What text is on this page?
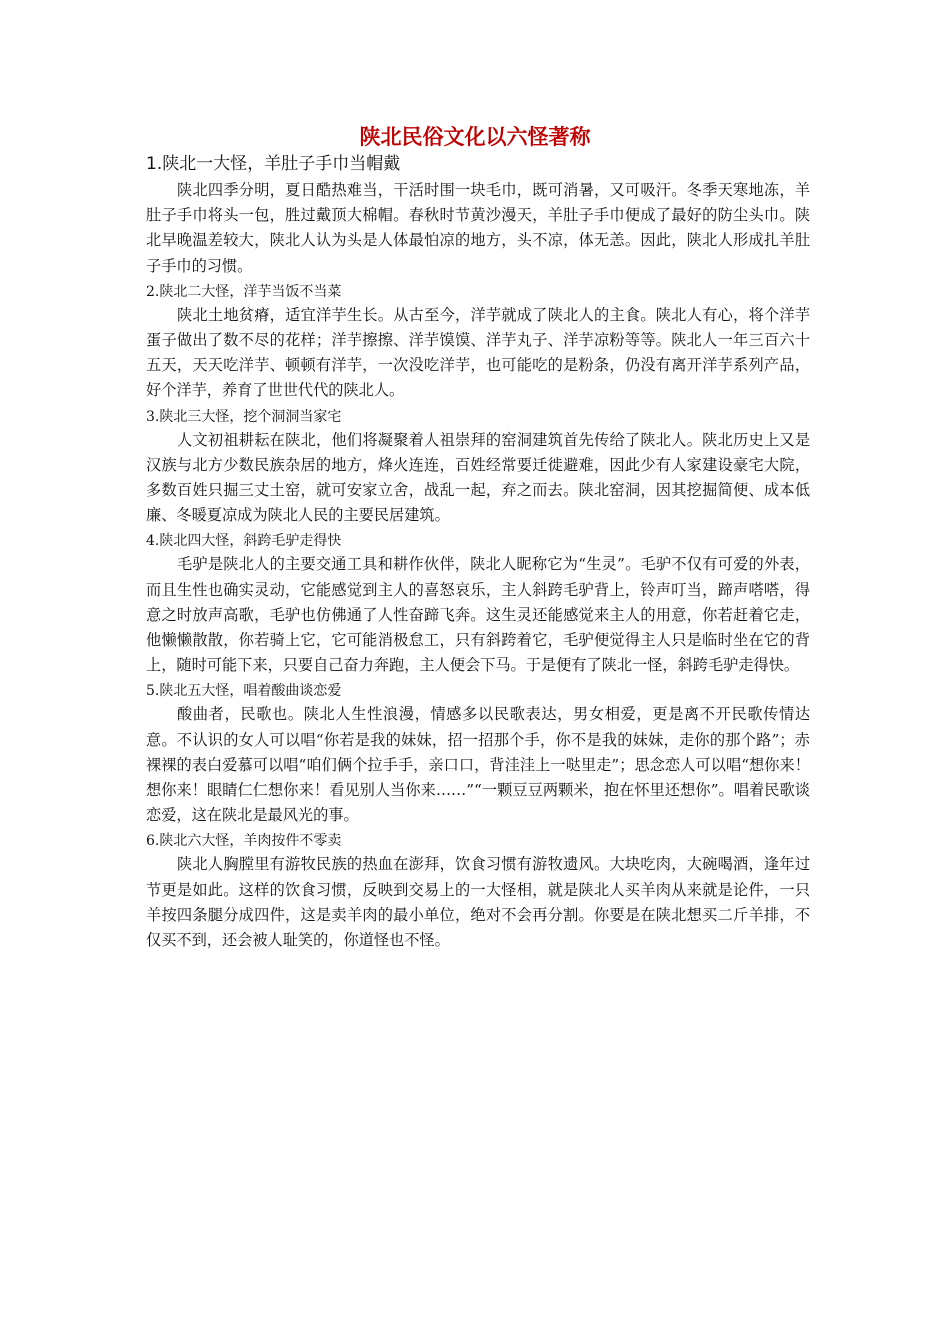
陕北民俗文化以六怪著称

1.陕北一大怪，羊肚子手巾当帽戴

陕北四季分明，夏日酷热难当，干活时围一块毛巾，既可消暑，又可吸汗。冬季天寒地冻，羊肚子手巾将头一包，胜过戴顶大棉帽。春秋时节黄沙漫天，羊肚子手巾便成了最好的防尘头巾。陕北早晚温差较大，陕北人认为头是人体最怕凉的地方，头不凉，体无恙。因此，陕北人形成扎羊肚子手巾的习惯。

2.陕北二大怪，洋芋当饭不当菜

陕北土地贫瘠，适宜洋芋生长。从古至今，洋芋就成了陕北人的主食。陕北人有心，将个洋芋蛋子做出了数不尽的花样；洋芋擦擦、洋芋馍馍、洋芋丸子、洋芋凉粉等等。陕北人一年三百六十五天，天天吃洋芋、顿顿有洋芋，一次没吃洋芋，也可能吃的是粉条，仍没有离开洋芋系列产品，好个洋芋，养育了世世代代的陕北人。

3.陕北三大怪，挖个洞洞当家宅

人文初祖耕耘在陕北，他们将凝聚着人祖崇拜的窑洞建筑首先传给了陕北人。陕北历史上又是汉族与北方少数民族杂居的地方，烽火连连，百姓经常要迁徙避难，因此少有人家建设豪宅大院，多数百姓只掘三丈土窑，就可安家立舍，战乱一起，弃之而去。陕北窑洞，因其挖掘简便、成本低廉、冬暖夏凉成为陕北人民的主要民居建筑。

4.陕北四大怪，斜跨毛驴走得快

毛驴是陕北人的主要交通工具和耕作伙伴，陕北人昵称它为“生灵”。毛驴不仅有可爱的外表，而且生性也确实灵动，它能感觉到主人的喜怒哀乐，主人斜跨毛驴背上，铃声叮当，蹄声嗒嗒，得意之时放声高歌，毛驴也仿佛通了人性奋蹄飞奔。这生灵还能感觉来主人的用意，你若赶着它走，他懒懒散散，你若骑上它，它可能消极怠工，只有斜跨着它，毛驴便觉得主人只是临时坐在它的背上，随时可能下来，只要自己奋力奔跑，主人便会下马。于是便有了陕北一怪，斜跨毛驴走得快。

5.陕北五大怪，唱着酸曲谈恋爱

酸曲者，民歌也。陕北人生性浪漫，情感多以民歌表达，男女相爱，更是离不开民歌传情达意。不认识的女人可以唱“你若是我的妹妹，招一招那个手，你不是我的妹妹，走你的那个路”；赤裸裸的表白爱慕可以唱“咱们俩个拉手手，亲口口，背洼洼上一哒里走”；思念恋人可以唱“想你来！想你来！眼睛仁仁想你来！看见别人当你来……”“一颗豆豆两颗米，抱在怀里还想你”。唱着民歌谈恋爱，这在陕北是最风光的事。

6.陕北六大怪，羊肉按件不零卖

陕北人胸膛里有游牧民族的热血在澎拜，饮食习惯有游牧遗风。大块吃肉，大碗喝酒，逢年过节更是如此。这样的饮食习惯，反映到交易上的一大怪相，就是陕北人买羊肉从来就是论件，一只羊按四条腿分成四件，这是卖羊肉的最小单位，绝对不会再分割。你要是在陕北想买二斤羊排，不仅买不到，还会被人耻笑的，你道怪也不怪。
